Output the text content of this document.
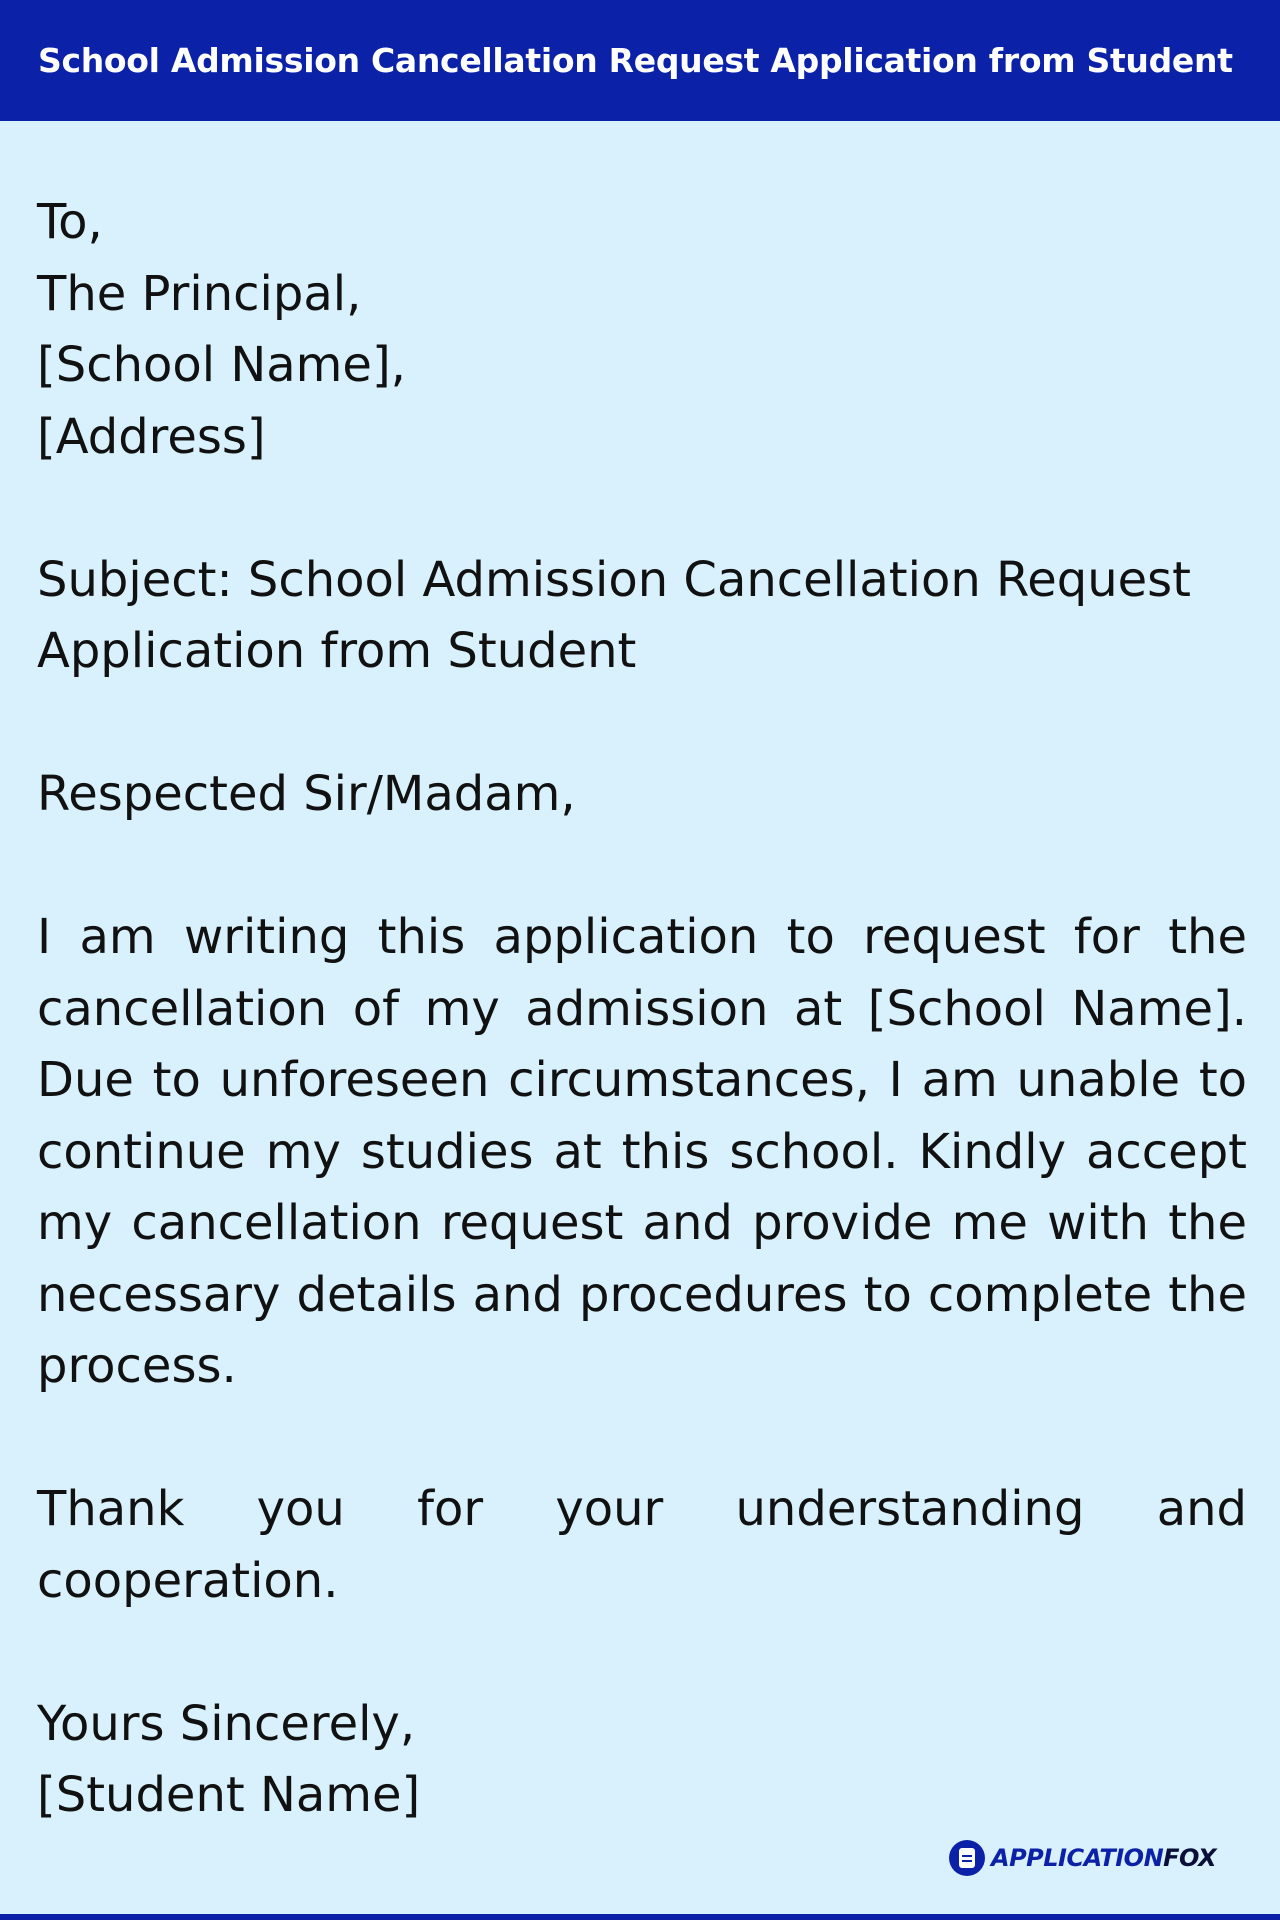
School Admission Cancellation Request Application from Student

To,

The Principal,

[School Name],

[Address]

Subject: School Admission Cancellation Request Application from Student

Respected Sir/Madam,

I am writing this application to request for the cancellation of my admission at [School Name]. Due to unforeseen circumstances, I am unable to continue my studies at this school. Kindly accept my cancellation request and provide me with the necessary details and procedures to complete the process.

Thank you for your understanding and cooperation.

Yours Sincerely,

[Student Name]

APPLICATIONFOX
